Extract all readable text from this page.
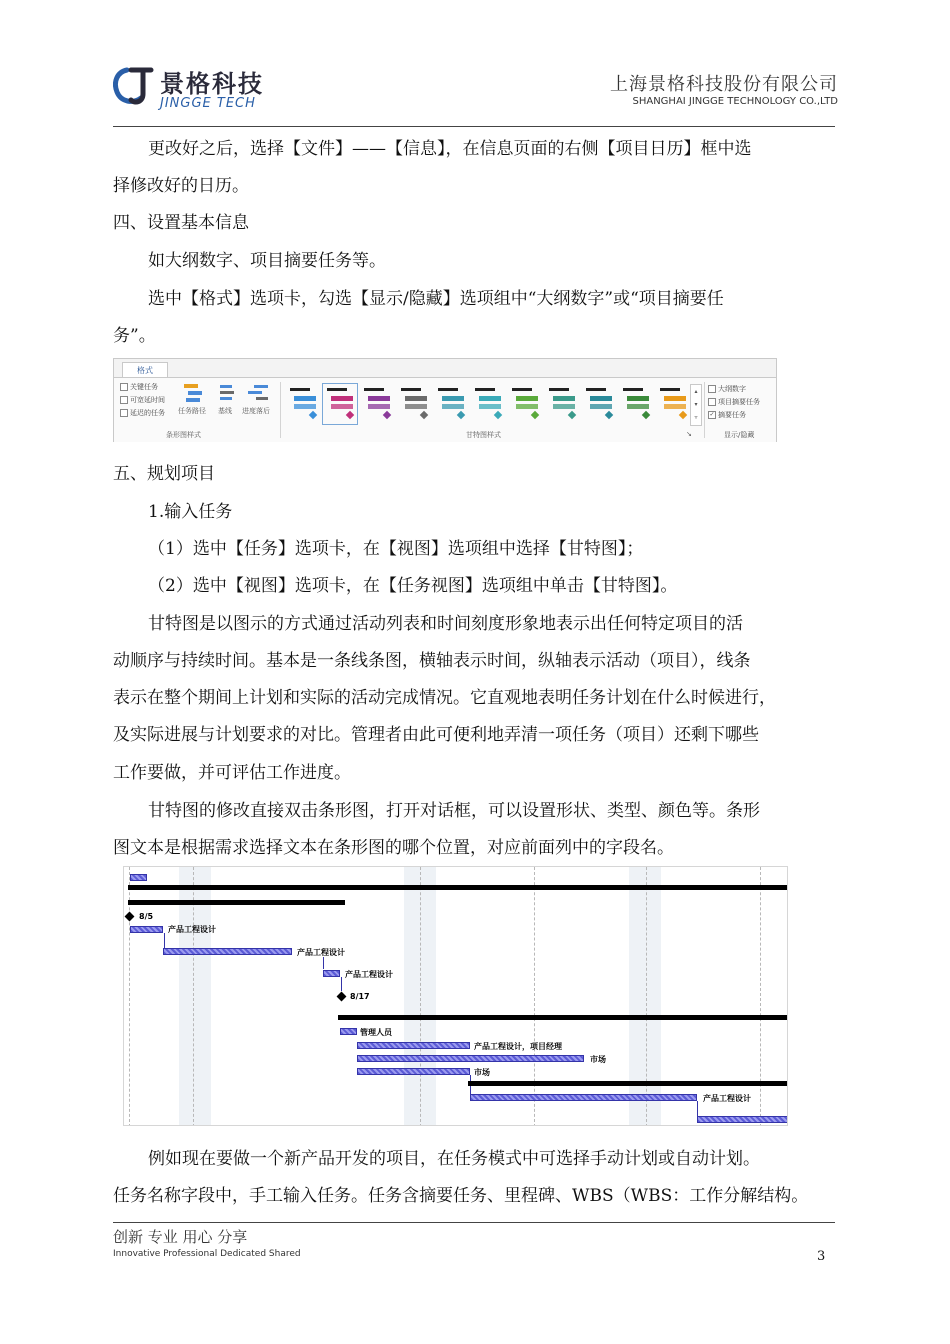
景格科技
JINGGE TECH
上海景格科技股份有限公司
SHANGHAI JINGGE TECHNOLOGY CO.,LTD
更改好之后，选择【文件】——【信息】，在信息页面的右侧【项目日历】框中选
择修改好的日历。
四、设置基本信息
如大纲数字、项目摘要任务等。
选中【格式】选项卡，勾选【显示/隐藏】选项组中“大纲数字”或“项目摘要任
务”。
格式
关键任务
可宽延时间
延迟的任务 任务路径 基线 进度落后
条形图样式
▴
▾
▿
甘特图样式	↘
大纲数字
项目摘要任务
✓ 摘要任务
显示/隐藏
五、规划项目
1.输入任务
（1）选中【任务】选项卡，在【视图】选项组中选择【甘特图】；
（2）选中【视图】选项卡，在【任务视图】选项组中单击【甘特图】。
甘特图是以图示的方式通过活动列表和时间刻度形象地表示出任何特定项目的活
动顺序与持续时间。基本是一条线条图，横轴表示时间，纵轴表示活动（项目），线条
表示在整个期间上计划和实际的活动完成情况。它直观地表明任务计划在什么时候进行，
及实际进展与计划要求的对比。管理者由此可便利地弄清一项任务（项目）还剩下哪些
工作要做，并可评估工作进度。
甘特图的修改直接双击条形图，打开对话框，可以设置形状、类型、颜色等。条形
图文本是根据需求选择文本在条形图的哪个位置，对应前面列中的字段名。
8/5
产品工程设计
产品工程设计
产品工程设计
8/17
管理人员
产品工程设计，项目经理
市场
市场
产品工程设计
例如现在要做一个新产品开发的项目，在任务模式中可选择手动计划或自动计划。
任务名称字段中，手工输入任务。任务含摘要任务、里程碑、WBS（WBS：工作分解结构。
创新 专业 用心 分享
Innovative Professional Dedicated Shared	3
